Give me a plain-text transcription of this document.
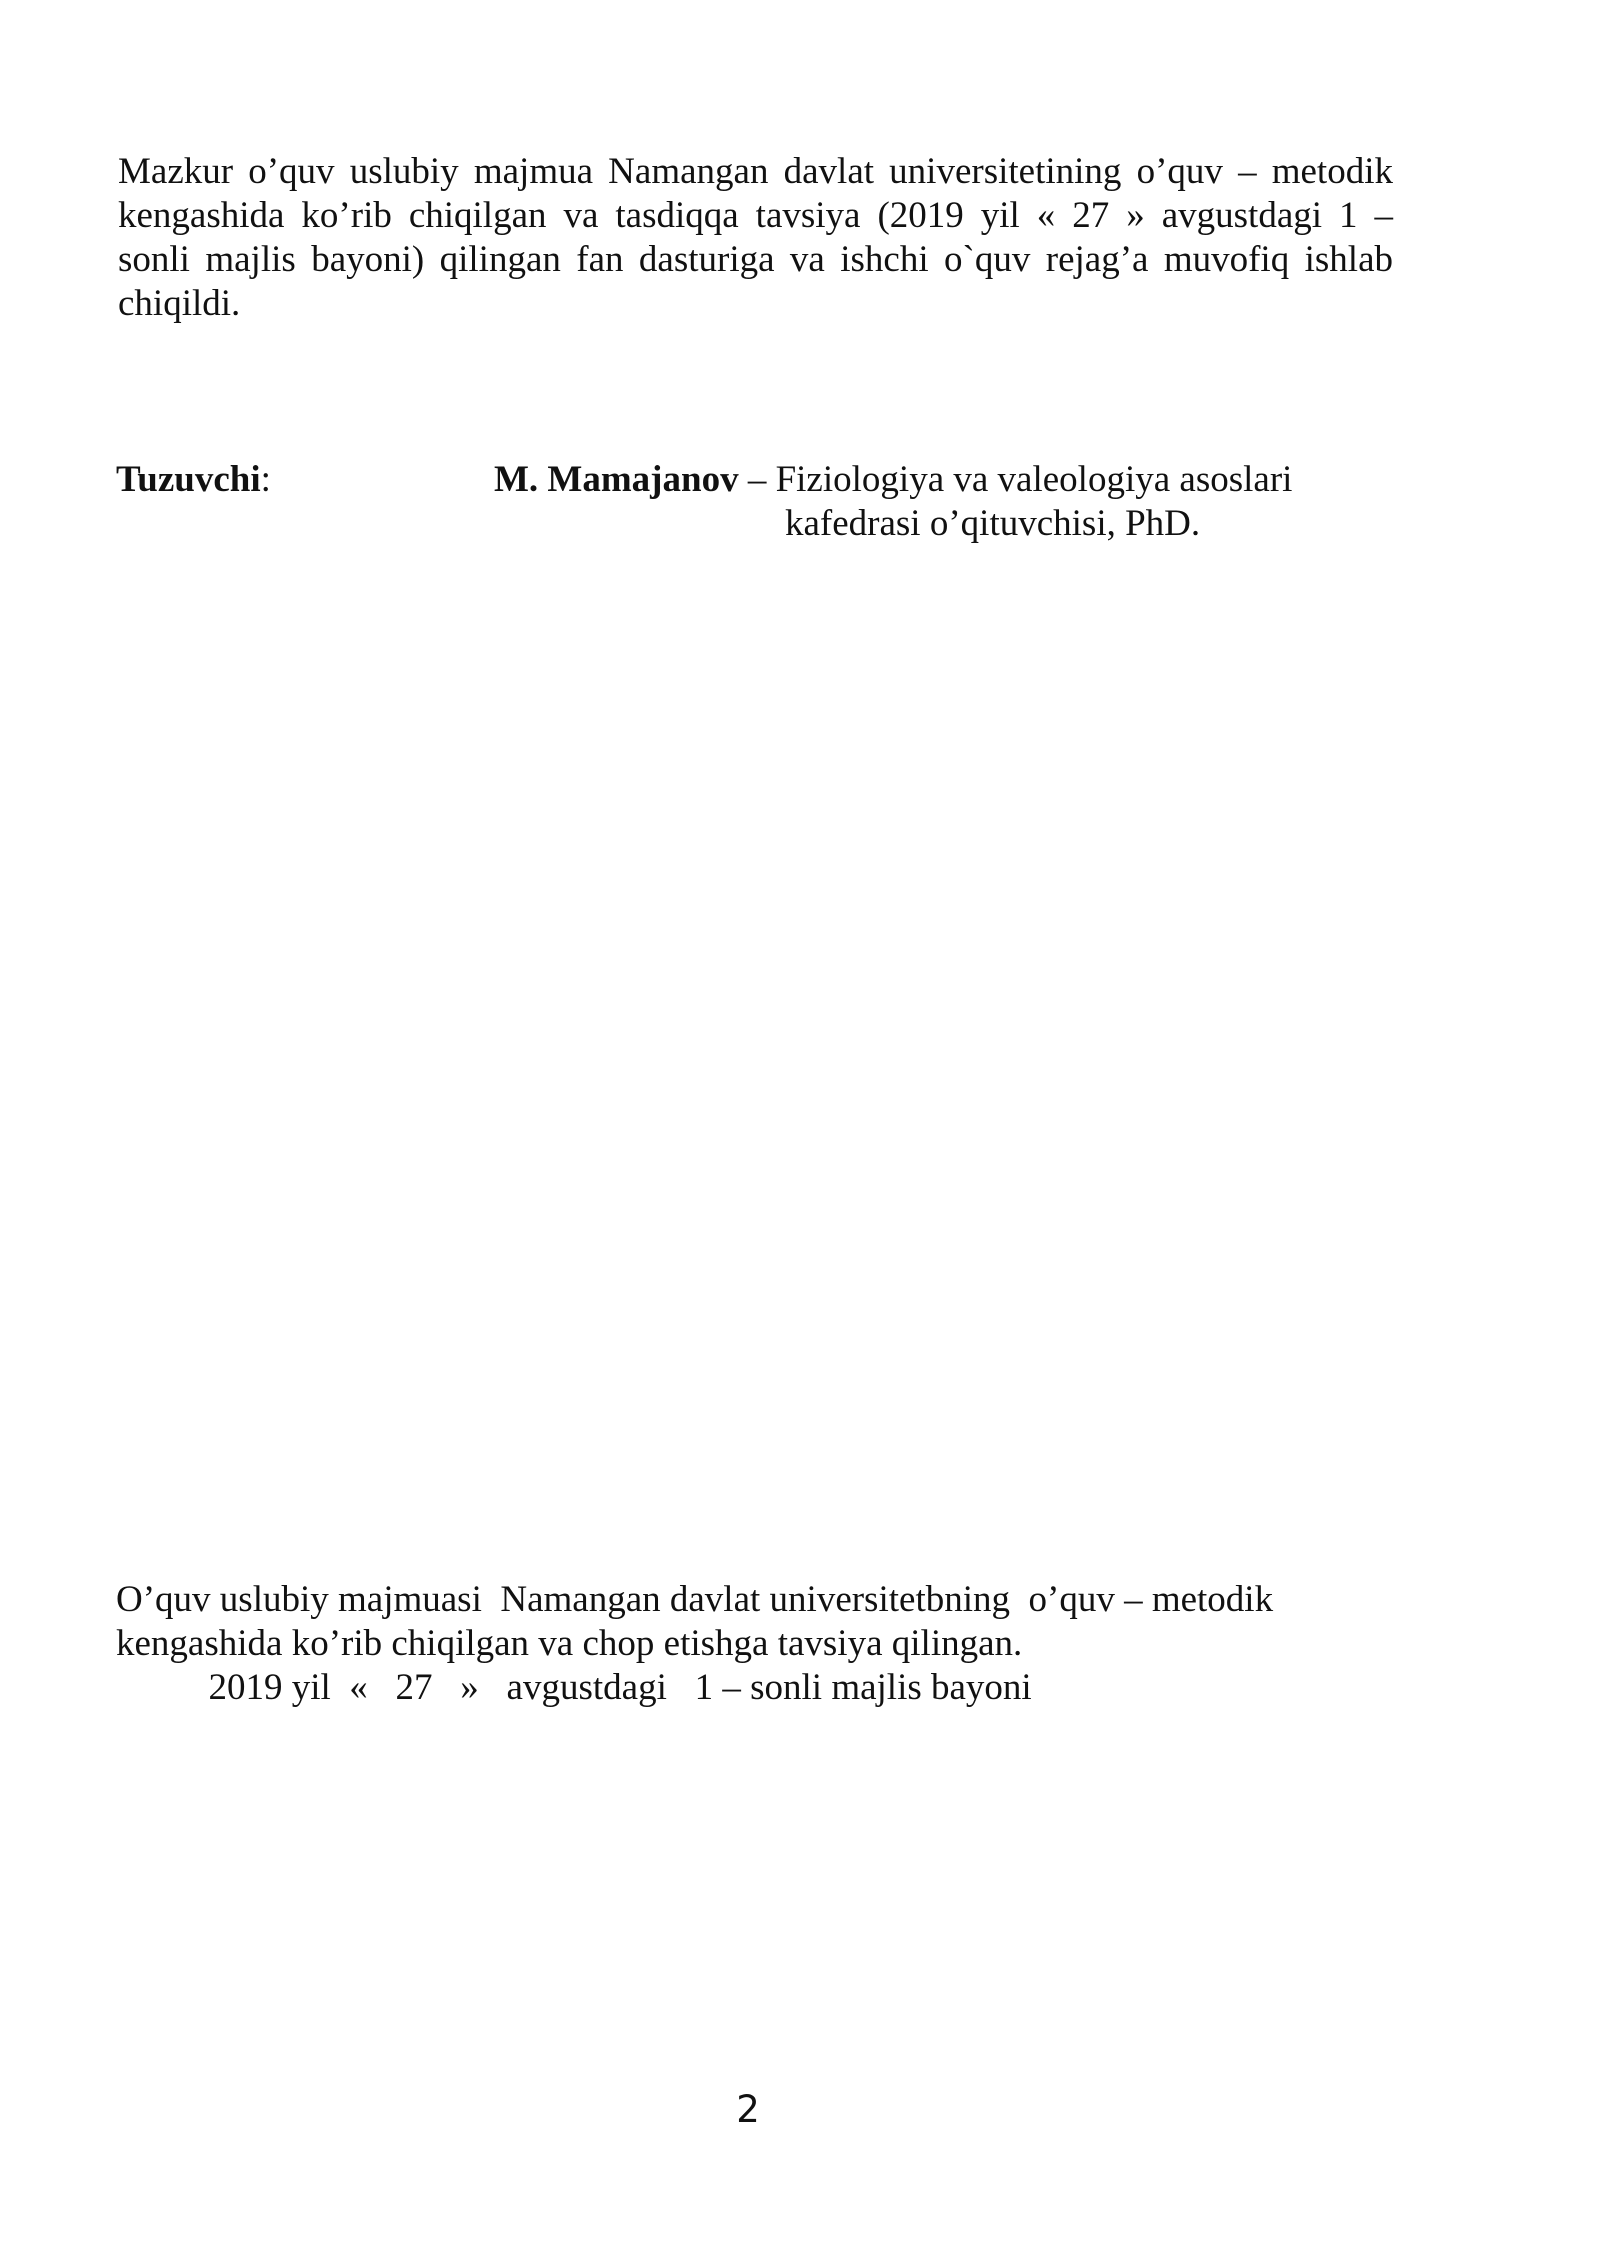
Mazkur o’quv uslubiy majmua Namangan davlat universitetining o’quv – metodik
kengashida ko’rib chiqilgan va tasdiqqa tavsiya (2019 yil « 27 » avgustdagi 1 –
sonli majlis bayoni) qilingan fan dasturiga va ishchi o`quv rejag’a muvofiq ishlab
chiqildi.
Tuzuvchi:	M. Mamajanov – Fiziologiya va valeologiya asoslari
kafedrasi o’qituvchisi, PhD.
O’quv uslubiy majmuasi  Namangan davlat universitetbning  o’quv – metodik
kengashida ko’rib chiqilgan va chop etishga tavsiya qilingan.
2019 yil  «   27   »   avgustdagi   1 – sonli majlis bayoni
2
